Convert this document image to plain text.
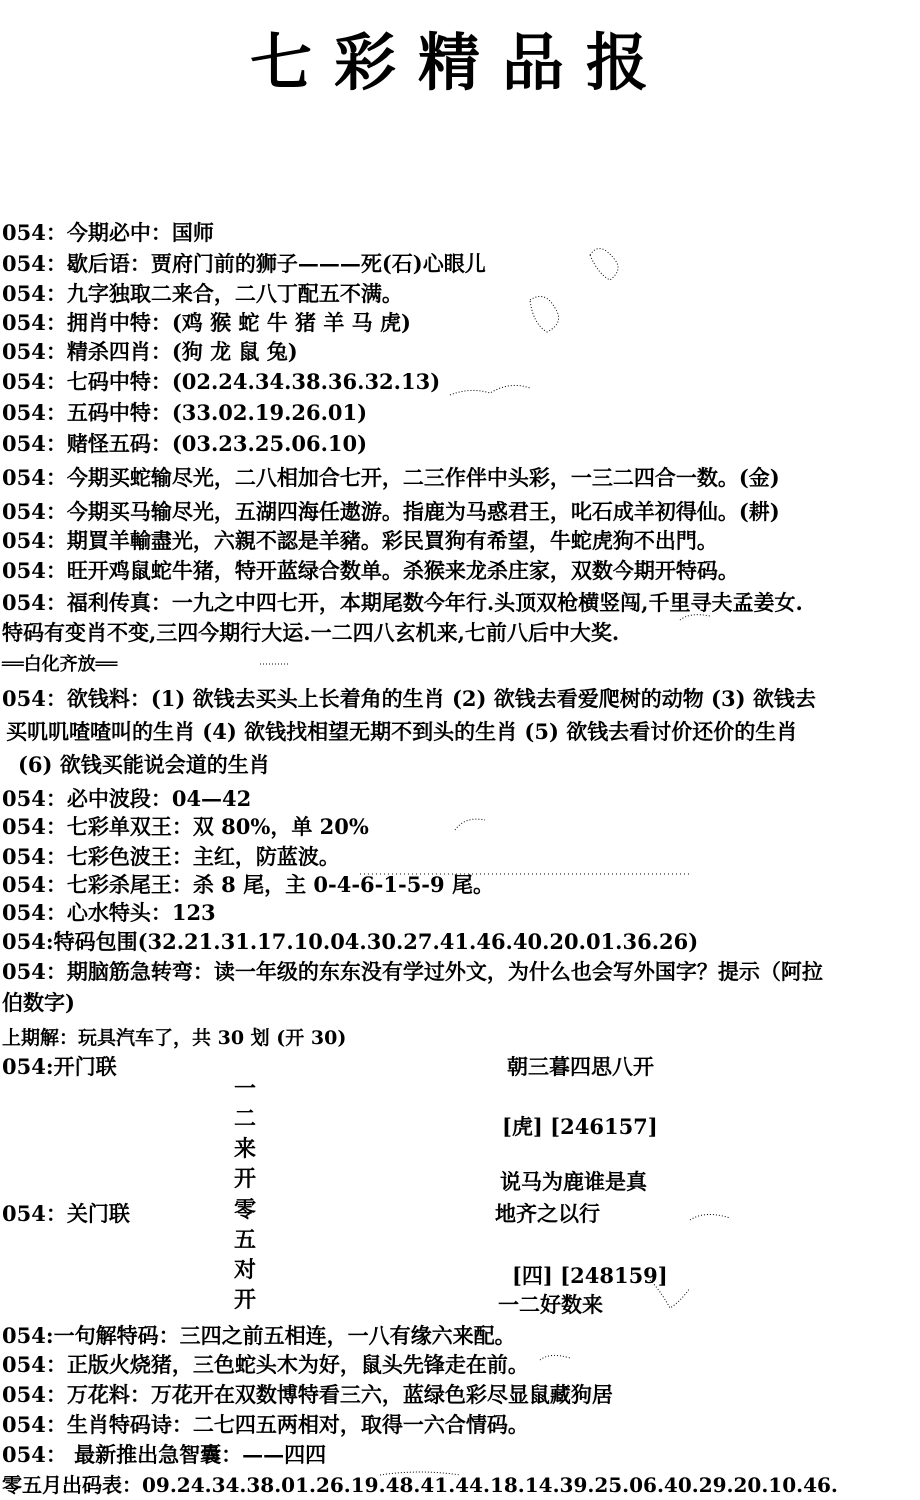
七彩精品报
054：今期必中：国师
054：歇后语：贾府门前的狮子———死(石)心眼儿
054：九字独取二来合，二八丁配五不满。
054：拥肖中特：(鸡 猴 蛇 牛 猪 羊 马 虎)
054：精杀四肖：(狗 龙 鼠 兔)
054：七码中特：(02.24.34.38.36.32.13)
054：五码中特：(33.02.19.26.01)
054：赌怪五码：(03.23.25.06.10)
054：今期买蛇输尽光，二八相加合七开，二三作伴中头彩，一三二四合一数。(金)
054：今期买马输尽光，五湖四海任遨游。指鹿为马惑君王，叱石成羊初得仙。(耕)
054：期買羊輸盡光，六親不認是羊豬。彩民買狗有希望，牛蛇虎狗不出門。
054：旺开鸡鼠蛇牛猪，特开蓝绿合数单。杀猴来龙杀庄家，双数今期开特码。
054：福利传真：一九之中四七开，本期尾数今年行.头顶双枪横竖闯,千里寻夫孟姜女.
特码有变肖不变,三四今期行大运.一二四八玄机来,七前八后中大奖.
══白化齐放══
054：欲钱料：(1) 欲钱去买头上长着角的生肖 (2) 欲钱去看爱爬树的动物 (3) 欲钱去
买叽叽喳喳叫的生肖 (4) 欲钱找相望无期不到头的生肖 (5) 欲钱去看讨价还价的生肖
(6) 欲钱买能说会道的生肖
054：必中波段：04—42
054：七彩单双王：双 80%，单 20%
054：七彩色波王：主红，防蓝波。
054：七彩杀尾王：杀 8 尾，主 0-4-6-1-5-9 尾。
054：心水特头：123
054:特码包围(32.21.31.17.10.04.30.27.41.46.40.20.01.36.26)
054：期脑筋急转弯：读一年级的东东没有学过外文，为什么也会写外国字？提示（阿拉
伯数字)
上期解：玩具汽车了，共 30 划 (开 30)
054:开门联
一二来开
朝三暮四思八开
[虎] [246157]
说马为鹿谁是真
054：关门联	地齐之以行
零五对开
[四] [248159]
一二好数来
054:一句解特码：三四之前五相连，一八有缘六来配。
054：正版火烧猪，三色蛇头木为好，鼠头先锋走在前。
054：万花料：万花开在双数博特看三六，蓝绿色彩尽显鼠藏狗居
054：生肖特码诗：二七四五两相对，取得一六合情码。
054： 最新推出急智囊：——四四
零五月出码表：09.24.34.38.01.26.19.48.41.44.18.14.39.25.06.40.29.20.10.46.
